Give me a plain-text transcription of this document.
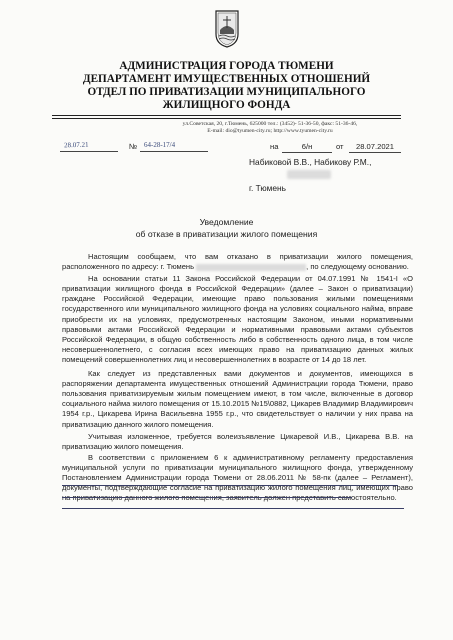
АДМИНИСТРАЦИЯ ГОРОДА ТЮМЕНИ
ДЕПАРТАМЕНТ ИМУЩЕСТВЕННЫХ ОТНОШЕНИЙ
ОТДЕЛ ПО ПРИВАТИЗАЦИИ МУНИЦИПАЛЬНОГО
ЖИЛИЩНОГО ФОНДА
ул.Советская, 20, г.Тюмень, 625000 тел.: (3452)- 51-36-50, факс: 51-36-46,
E-mail: dio@tyumen-city.ru; http://www.tyumen-city.ru
28.07.21	№ 64-28-17/4	на	6/н	от	28.07.2021
Набиковой В.В., Набикову Р.М.,
г. Тюмень
Уведомление
об отказе в приватизации жилого помещения

Настоящим сообщаем, что вам отказано в приватизации жилого помещения, расположенного по адресу: г. Тюмень	, по следующему основанию.

На основании статьи 11 Закона Российской Федерации от 04.07.1991 № 1541-I «О приватизации жилищного фонда в Российской Федерации» (далее – Закон о приватизации) граждане Российской Федерации, имеющие право пользования жилыми помещениями государственного или муниципального жилищного фонда на условиях социального найма, вправе приобрести их на условиях, предусмотренных настоящим Законом, иными нормативными правовыми актами Российской Федерации и нормативными правовыми актами субъектов Российской Федерации, в общую собственность либо в собственность одного лица, в том числе несовершеннолетнего, с согласия всех имеющих право на приватизацию данных жилых помещений совершеннолетних лиц и несовершеннолетних в возрасте от 14 до 18 лет.

Как следует из представленных вами документов и документов, имеющихся в распоряжении департамента имущественных отношений Администрации города Тюмени, право пользования приватизируемым жилым помещением имеют, в том числе, включенные в договор социального найма жилого помещения от 15.10.2015 №15\0882, Цикарев Владимир Владимирович 1954 г.р., Цикарева Ирина Васильевна 1955 г.р., что свидетельствует о наличии у них права на приватизацию данного жилого помещения.

Учитывая изложенное, требуется волеизъявление Цикаревой И.В., Цикарева В.В. на приватизацию жилого помещения.

В соответствии с приложением 6 к административному регламенту предоставления муниципальной услуги по приватизации муниципального жилищного фонда, утвержденному Постановлением Администрации города Тюмени от 28.06.2011 № 58-пк (далее – Регламент), документы, подтверждающие согласие на приватизацию жилого помещения лиц, имеющих право на приватизацию данного жилого помещения, заявитель должен представить самостоятельно.
